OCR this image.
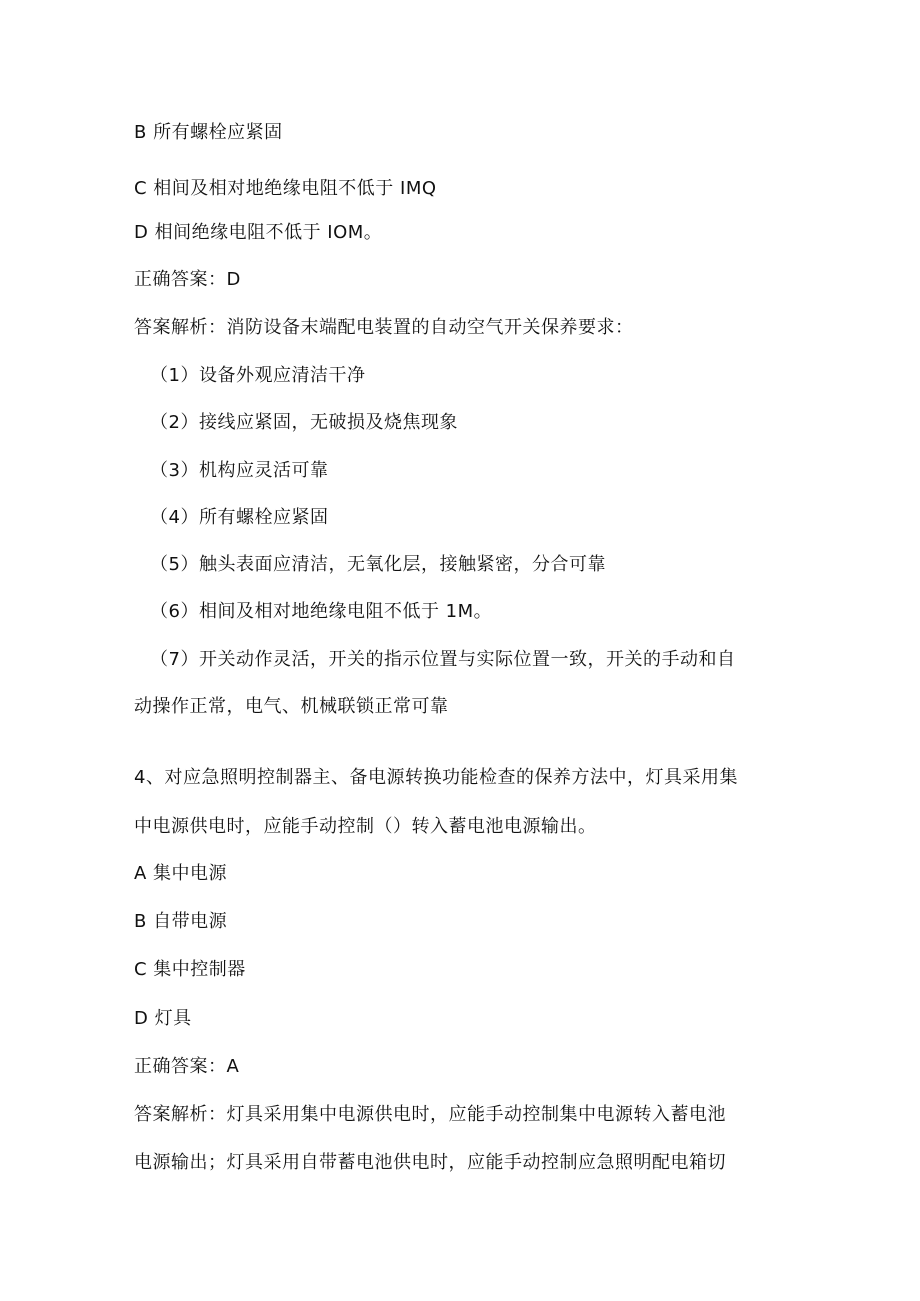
B 所有螺栓应紧固
C 相间及相对地绝缘电阻不低于 IMQ
D 相间绝缘电阻不低于 IOM。
正确答案：D
答案解析：消防设备末端配电装置的自动空气开关保养要求：
（1）设备外观应清洁干净
（2）接线应紧固，无破损及烧焦现象
（3）机构应灵活可靠
（4）所有螺栓应紧固
（5）触头表面应清洁，无氧化层，接触紧密，分合可靠
（6）相间及相对地绝缘电阻不低于 1M。
（7）开关动作灵活，开关的指示位置与实际位置一致，开关的手动和自
动操作正常，电气、机械联锁正常可靠
4、对应急照明控制器主、备电源转换功能检查的保养方法中，灯具采用集
中电源供电时，应能手动控制（）转入蓄电池电源输出。
A 集中电源
B 自带电源
C 集中控制器
D 灯具
正确答案：A
答案解析：灯具采用集中电源供电时，应能手动控制集中电源转入蓄电池
电源输出；灯具采用自带蓄电池供电时，应能手动控制应急照明配电箱切
